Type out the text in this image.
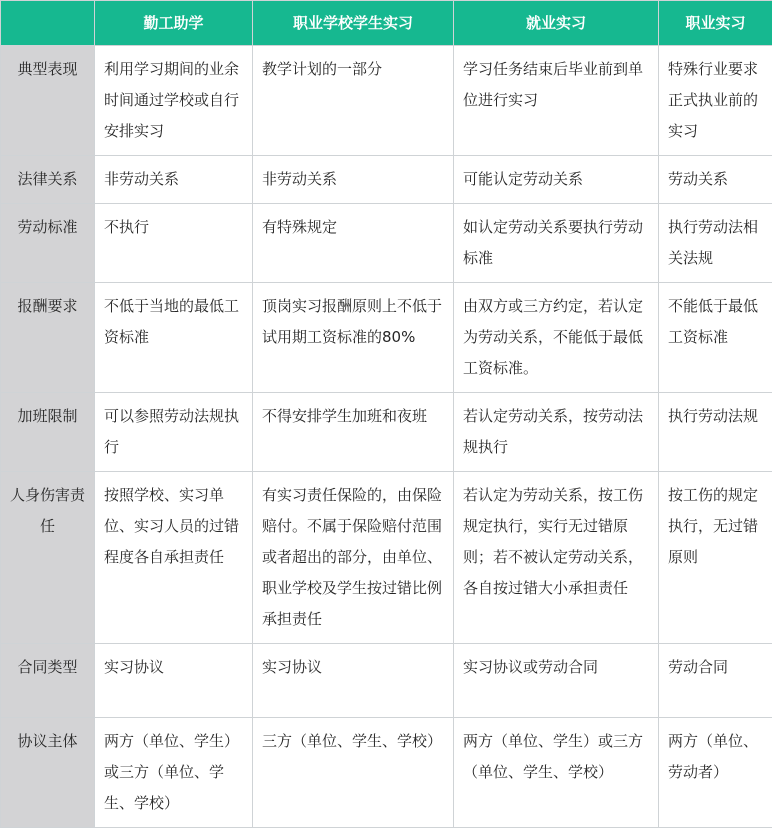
	勤工助学	职业学校学生实习	就业实习	职业实习
典型表现	利用学习期间的业余时间通过学校或自行安排实习	教学计划的一部分	学习任务结束后毕业前到单位进行实习	特殊行业要求正式执业前的实习
法律关系	非劳动关系	非劳动关系	可能认定劳动关系	劳动关系
劳动标准	不执行	有特殊规定	如认定劳动关系要执行劳动标准	执行劳动法相关法规
报酬要求	不低于当地的最低工资标准	顶岗实习报酬原则上不低于试用期工资标准的80%	由双方或三方约定，若认定为劳动关系，不能低于最低工资标准。	不能低于最低工资标准
加班限制	可以参照劳动法规执行	不得安排学生加班和夜班	若认定劳动关系，按劳动法规执行	执行劳动法规
人身伤害责任	按照学校、实习单位、实习人员的过错程度各自承担责任	有实习责任保险的，由保险赔付。不属于保险赔付范围或者超出的部分，由单位、职业学校及学生按过错比例承担责任	若认定为劳动关系，按工伤规定执行，实行无过错原则；若不被认定劳动关系，各自按过错大小承担责任	按工伤的规定执行，无过错原则
合同类型	实习协议	实习协议	实习协议或劳动合同	劳动合同
协议主体	两方（单位、学生）或三方（单位、学生、学校）	三方（单位、学生、学校）	两方（单位、学生）或三方（单位、学生、学校）	两方（单位、劳动者）
